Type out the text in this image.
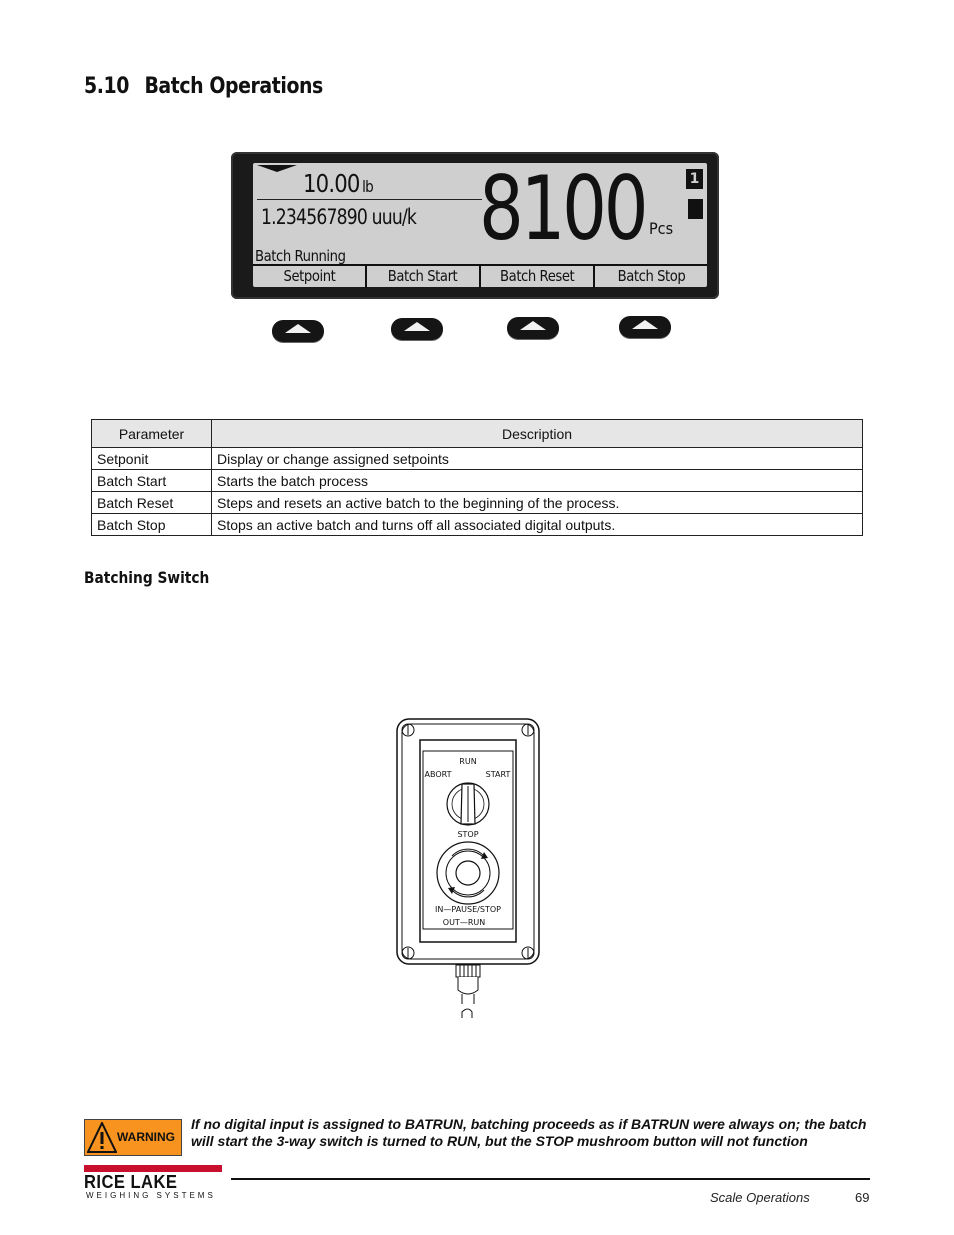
5.10 Batch Operations
10.00 lb
1.234567890 uuu/k 8100 Pcs
1
Batch Running
Setpoint	Batch Start	Batch Reset	Batch Stop
Parameter	Description
Setponit	Display or change assigned setpoints
Batch Start	Starts the batch process
Batch Reset	Steps and resets an active batch to the beginning of the process.
Batch Stop	Stops an active batch and turns off all associated digital outputs.
Batching Switch
RUN
ABORT	START
STOP
IN—PAUSE/STOP
OUT—RUN
WARNING

If no digital input is assigned to BATRUN, batching proceeds as if BATRUN were always on; the batch will start the 3-way switch is turned to RUN, but the STOP mushroom button will not function

RICE LAKE
WEIGHING SYSTEMS	Scale Operations	69
